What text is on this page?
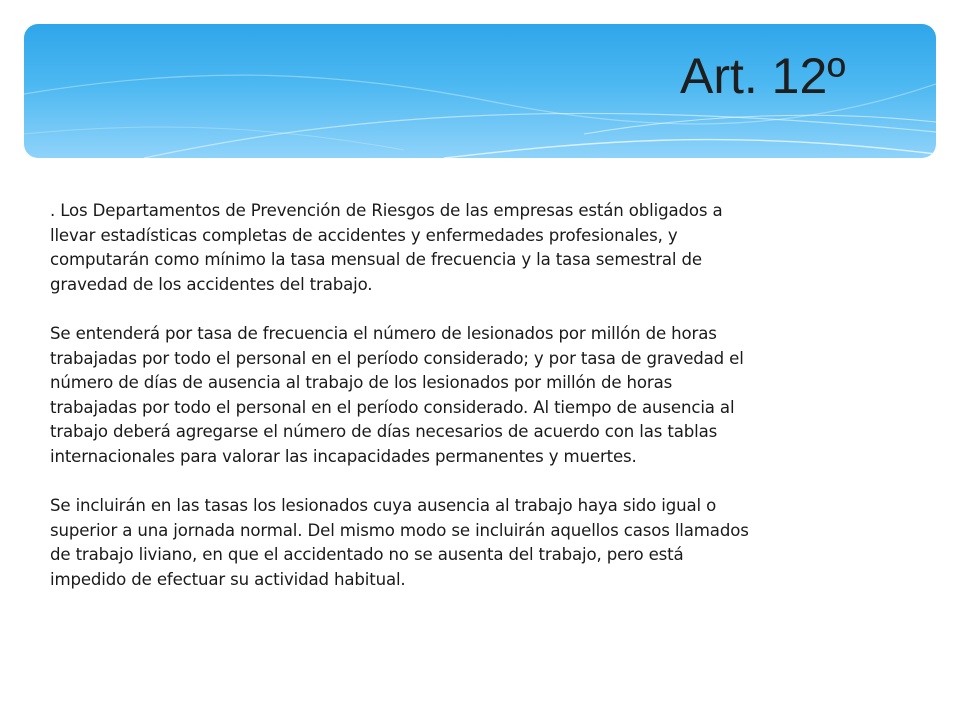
Art. 12º

. Los Departamentos de Prevención de Riesgos de las empresas están obligados a
llevar estadísticas completas de accidentes y enfermedades profesionales, y
computarán como mínimo la tasa mensual de frecuencia y la tasa semestral de
gravedad de los accidentes del trabajo.

Se entenderá por tasa de frecuencia el número de lesionados por millón de horas
trabajadas por todo el personal en el período considerado; y por tasa de gravedad el
número de días de ausencia al trabajo de los lesionados por millón de horas
trabajadas por todo el personal en el período considerado. Al tiempo de ausencia al
trabajo deberá agregarse el número de días necesarios de acuerdo con las tablas
internacionales para valorar las incapacidades permanentes y muertes.

Se incluirán en las tasas los lesionados cuya ausencia al trabajo haya sido igual o
superior a una jornada normal. Del mismo modo se incluirán aquellos casos llamados
de trabajo liviano, en que el accidentado no se ausenta del trabajo, pero está
impedido de efectuar su actividad habitual.
